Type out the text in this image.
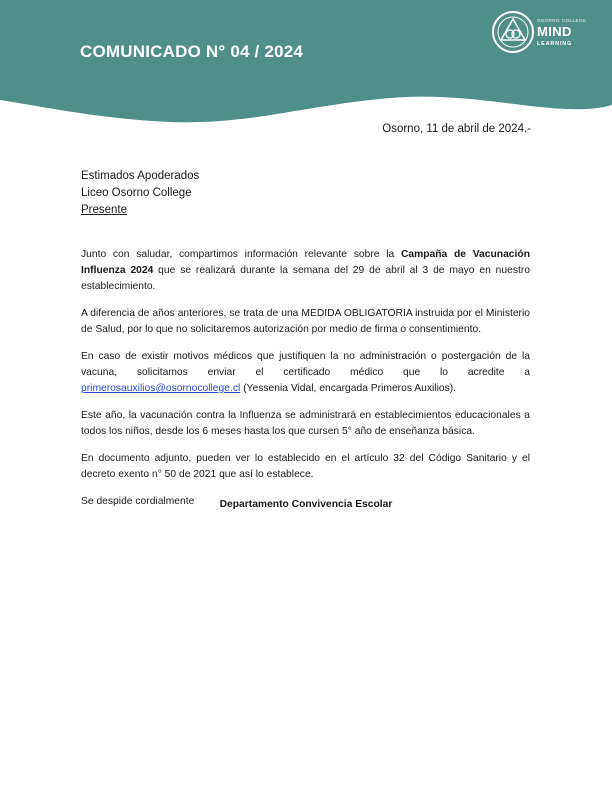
COMUNICADO N° 04 / 2024
OSORNO COLLEGE
MIND
LEARNING
Osorno, 11 de abril de 2024.-
Estimados Apoderados
Liceo Osorno College
Presente

Junto con saludar, compartimos información relevante sobre la Campaña de Vacunación Influenza 2024 que se realizará durante la semana del 29 de abril al 3 de mayo en nuestro establecimiento.

A diferencia de años anteriores, se trata de una MEDIDA OBLIGATORIA instruida por el Ministerio de Salud, por lo que no solicitaremos autorización por medio de firma o consentimiento.

En caso de existir motivos médicos que justifiquen la no administración o postergación de la vacuna, solicitamos enviar el certificado médico que lo acredite a primerosauxilios@osornocollege.cl (Yessenia Vidal, encargada Primeros Auxilios).

Este año, la vacunación contra la Influenza se administrará en establecimientos educacionales a todos los niños, desde los 6 meses hasta los que cursen 5° año de enseñanza básica.

En documento adjunto, pueden ver lo establecido en el artículo 32 del Código Sanitario y el decreto exento n° 50 de 2021 que así lo establece.

Se despide cordialmente	Departamento Convivencia Escolar
